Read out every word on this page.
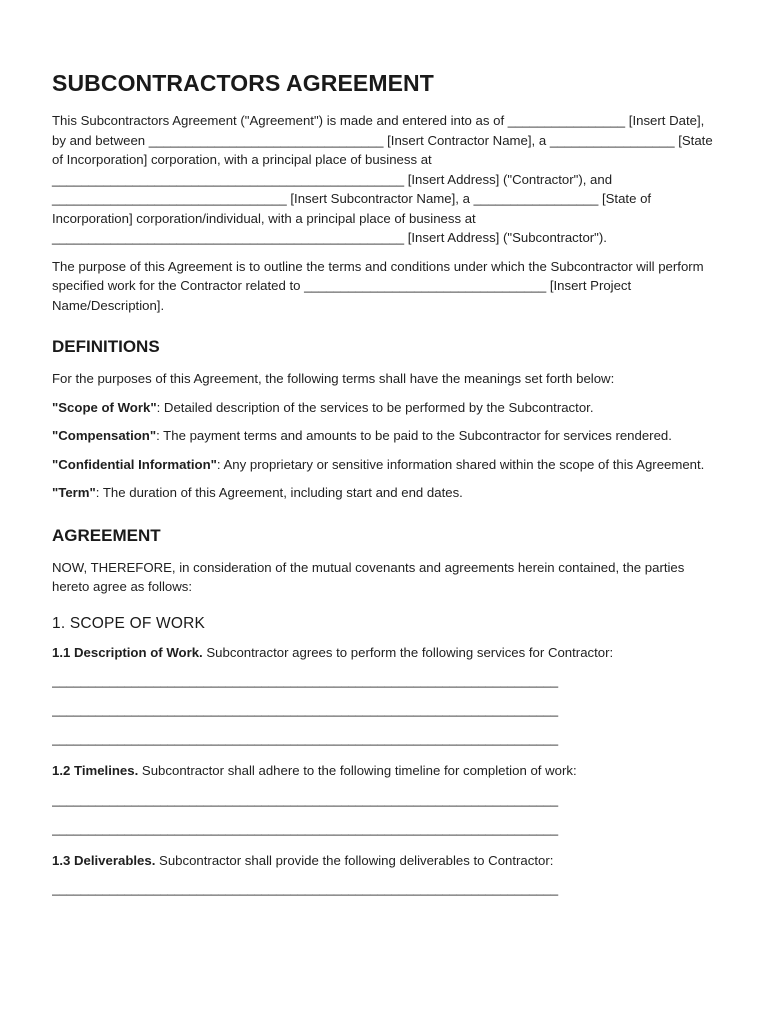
SUBCONTRACTORS AGREEMENT

This Subcontractors Agreement ("Agreement") is made and entered into as of ________________ [Insert Date], by and between ________________________________ [Insert Contractor Name], a _________________ [State of Incorporation] corporation, with a principal place of business at ________________________________________________ [Insert Address] ("Contractor"), and ________________________________ [Insert Subcontractor Name], a _________________ [State of Incorporation] corporation/individual, with a principal place of business at ________________________________________________ [Insert Address] ("Subcontractor").

The purpose of this Agreement is to outline the terms and conditions under which the Subcontractor will perform specified work for the Contractor related to _________________________________ [Insert Project Name/Description].

DEFINITIONS

For the purposes of this Agreement, the following terms shall have the meanings set forth below:

"Scope of Work": Detailed description of the services to be performed by the Subcontractor.

"Compensation": The payment terms and amounts to be paid to the Subcontractor for services rendered.

"Confidential Information": Any proprietary or sensitive information shared within the scope of this Agreement.

"Term": The duration of this Agreement, including start and end dates.

AGREEMENT

NOW, THEREFORE, in consideration of the mutual covenants and agreements herein contained, the parties hereto agree as follows:

1. SCOPE OF WORK

1.1 Description of Work. Subcontractor agrees to perform the following services for Contractor:

______________________________________________________________________
______________________________________________________________________
______________________________________________________________________

1.2 Timelines. Subcontractor shall adhere to the following timeline for completion of work:

______________________________________________________________________
______________________________________________________________________

1.3 Deliverables. Subcontractor shall provide the following deliverables to Contractor:

______________________________________________________________________
